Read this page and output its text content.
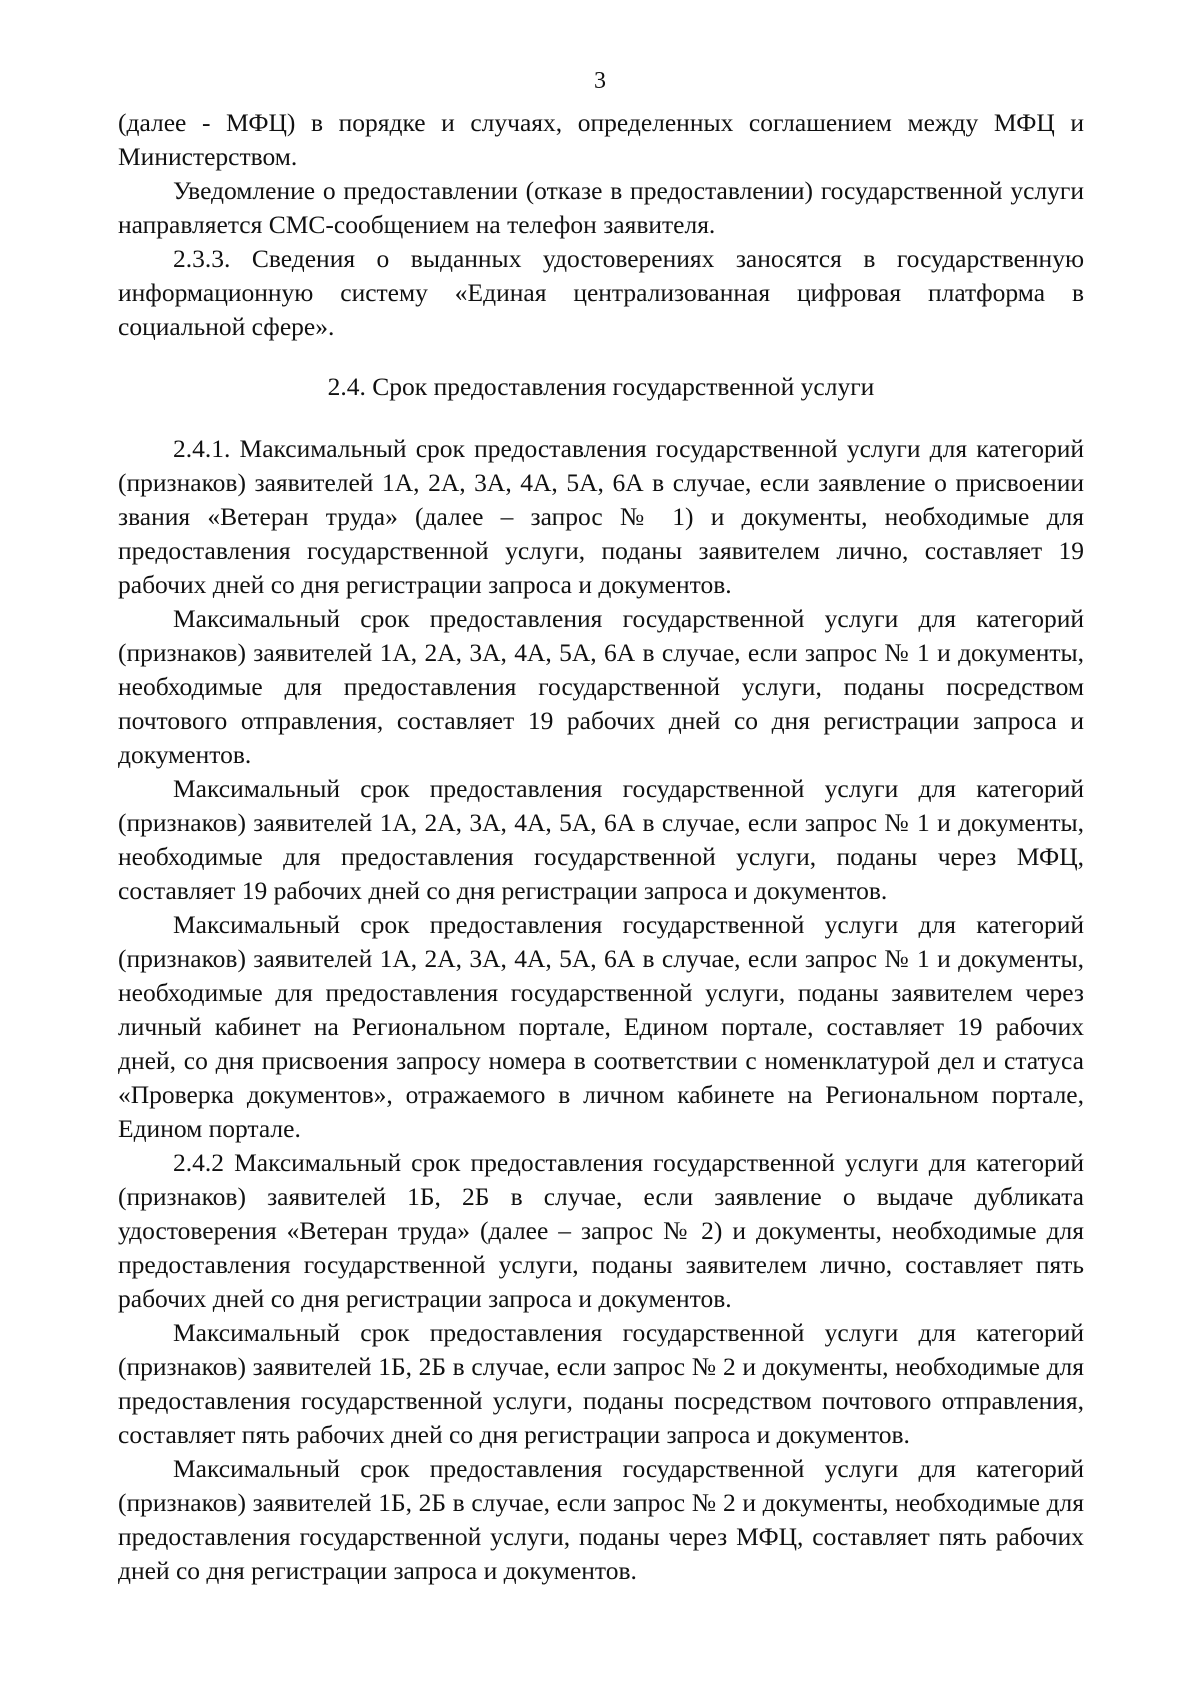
3

(далее - МФЦ) в порядке и случаях, определенных соглашением между МФЦ и Министерством.

Уведомление о предоставлении (отказе в предоставлении) государственной услуги направляется СМС-сообщением на телефон заявителя.

2.3.3. Сведения о выданных удостоверениях заносятся в государственную информационную систему «Единая централизованная цифровая платформа в социальной сфере».

2.4. Срок предоставления государственной услуги

2.4.1. Максимальный срок предоставления государственной услуги для категорий (признаков) заявителей 1А, 2А, 3А, 4А, 5А, 6А в случае, если заявление о присвоении звания «Ветеран труда» (далее – запрос № 1) и документы, необходимые для предоставления государственной услуги, поданы заявителем лично, составляет 19 рабочих дней со дня регистрации запроса и документов.

Максимальный срок предоставления государственной услуги для категорий (признаков) заявителей 1А, 2А, 3А, 4А, 5А, 6А в случае, если запрос № 1 и документы, необходимые для предоставления государственной услуги, поданы посредством почтового отправления, составляет 19 рабочих дней со дня регистрации запроса и документов.

Максимальный срок предоставления государственной услуги для категорий (признаков) заявителей 1А, 2А, 3А, 4А, 5А, 6А в случае, если запрос № 1 и документы, необходимые для предоставления государственной услуги, поданы через МФЦ, составляет 19 рабочих дней со дня регистрации запроса и документов.

Максимальный срок предоставления государственной услуги для категорий (признаков) заявителей 1А, 2А, 3А, 4А, 5А, 6А в случае, если запрос № 1 и документы, необходимые для предоставления государственной услуги, поданы заявителем через личный кабинет на Региональном портале, Едином портале, составляет 19 рабочих дней, со дня присвоения запросу номера в соответствии с номенклатурой дел и статуса «Проверка документов», отражаемого в личном кабинете на Региональном портале, Едином портале.

2.4.2 Максимальный срок предоставления государственной услуги для категорий (признаков) заявителей 1Б, 2Б в случае, если заявление о выдаче дубликата удостоверения «Ветеран труда» (далее – запрос № 2) и документы, необходимые для предоставления государственной услуги, поданы заявителем лично, составляет пять рабочих дней со дня регистрации запроса и документов.

Максимальный срок предоставления государственной услуги для категорий (признаков) заявителей 1Б, 2Б в случае, если запрос № 2 и документы, необходимые для предоставления государственной услуги, поданы посредством почтового отправления, составляет пять рабочих дней со дня регистрации запроса и документов.

Максимальный срок предоставления государственной услуги для категорий (признаков) заявителей 1Б, 2Б в случае, если запрос № 2 и документы, необходимые для предоставления государственной услуги, поданы через МФЦ, составляет пять рабочих дней со дня регистрации запроса и документов.
